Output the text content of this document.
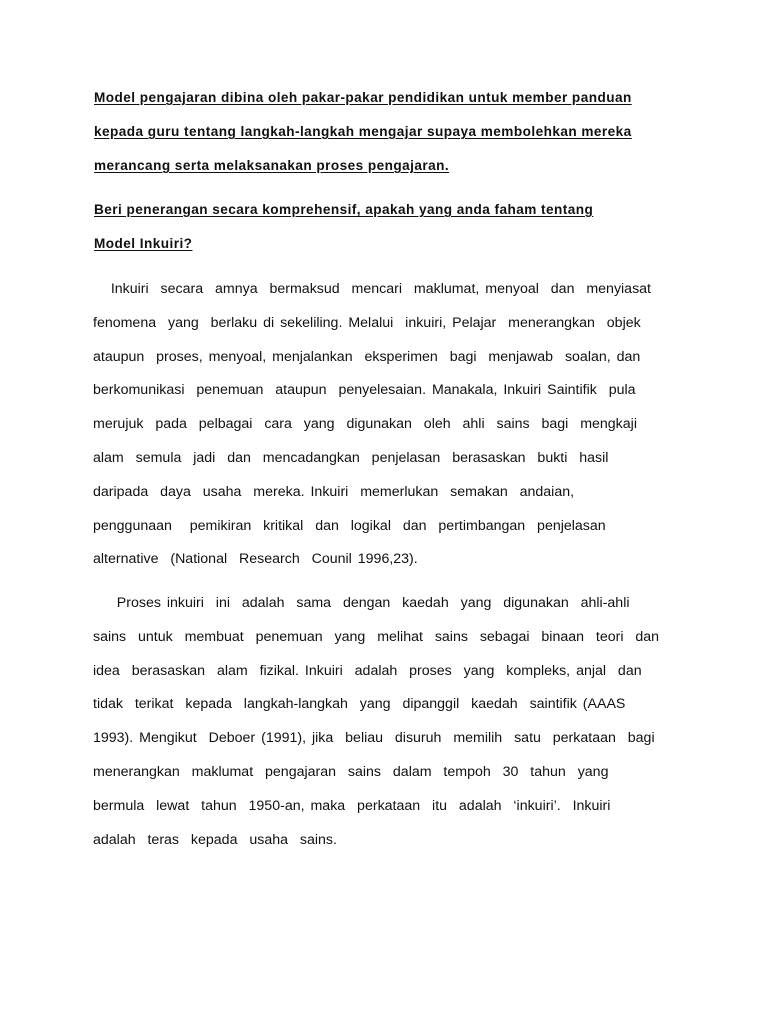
Model pengajaran dibina oleh pakar-pakar pendidikan untuk member panduan
kepada guru tentang langkah-langkah mengajar supaya membolehkan mereka
merancang serta melaksanakan proses pengajaran.
Beri penerangan secara komprehensif, apakah yang anda faham tentang
Model Inkuiri?
Inkuiri  secara  amnya  bermaksud  mencari  maklumat, menyoal  dan  menyiasat
fenomena  yang  berlaku di sekeliling. Melalui  inkuiri, Pelajar  menerangkan  objek
ataupun  proses, menyoal, menjalankan  eksperimen  bagi  menjawab  soalan, dan
berkomunikasi  penemuan  ataupun  penyelesaian. Manakala, Inkuiri Saintifik  pula
merujuk  pada  pelbagai  cara  yang  digunakan  oleh  ahli  sains  bagi  mengkaji
alam  semula  jadi  dan  mencadangkan  penjelasan  berasaskan  bukti  hasil
daripada  daya  usaha  mereka. Inkuiri  memerlukan  semakan  andaian,
penggunaan   pemikiran  kritikal  dan  logikal  dan  pertimbangan  penjelasan
alternative  (National  Research  Counil 1996,23).
Proses inkuiri  ini  adalah  sama  dengan  kaedah  yang  digunakan  ahli-ahli
sains  untuk  membuat  penemuan  yang  melihat  sains  sebagai  binaan  teori  dan
idea  berasaskan  alam  fizikal. Inkuiri  adalah  proses  yang  kompleks, anjal  dan
tidak  terikat  kepada  langkah-langkah  yang  dipanggil  kaedah  saintifik (AAAS
1993). Mengikut  Deboer (1991), jika  beliau  disuruh  memilih  satu  perkataan  bagi
menerangkan  maklumat  pengajaran  sains  dalam  tempoh  30  tahun  yang
bermula  lewat  tahun  1950-an, maka  perkataan  itu  adalah  ‘inkuiri’.  Inkuiri
adalah  teras  kepada  usaha  sains.
